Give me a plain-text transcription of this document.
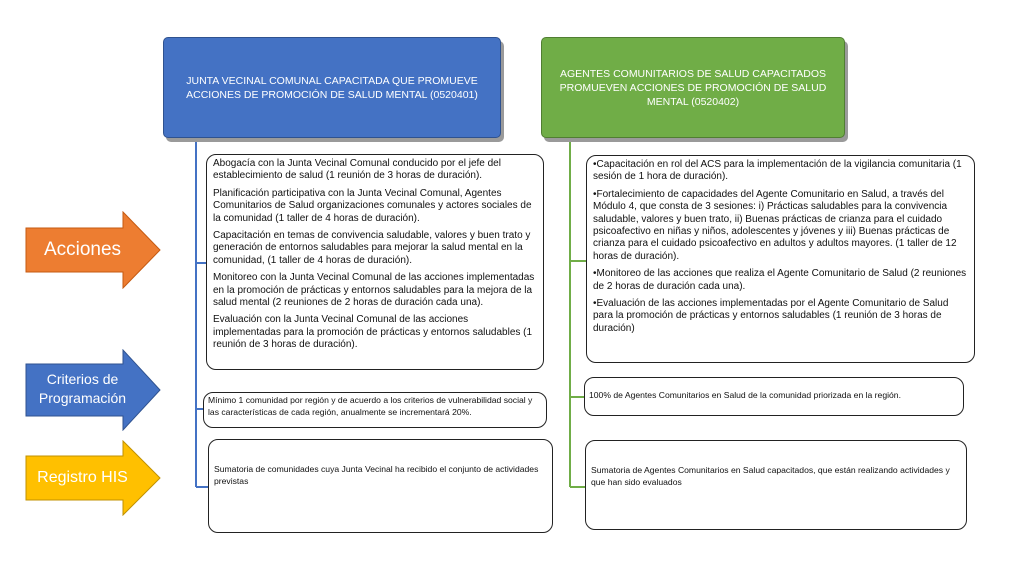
Acciones
Criterios de Programación
Registro HIS
JUNTA VECINAL COMUNAL CAPACITADA QUE PROMUEVE ACCIONES DE PROMOCIÓN DE SALUD MENTAL (0520401)
AGENTES COMUNITARIOS DE SALUD CAPACITADOS PROMUEVEN ACCIONES DE PROMOCIÓN DE SALUD MENTAL (0520402)

Abogacía con la Junta Vecinal Comunal conducido por el jefe del establecimiento de salud (1 reunión de 3 horas de duración).

Planificación participativa con la Junta Vecinal Comunal, Agentes Comunitarios de Salud organizaciones comunales y actores sociales de la comunidad (1 taller de 4 horas de duración).

Capacitación en temas de convivencia saludable, valores y buen trato y generación de entornos saludables para mejorar la salud mental en la comunidad, (1 taller de 4 horas de duración).

Monitoreo con la Junta Vecinal Comunal de las acciones implementadas en la promoción de prácticas y entornos saludables para la mejora de la salud mental (2 reuniones de 2 horas de duración cada una).

Evaluación con la Junta Vecinal Comunal de las acciones implementadas para la promoción de prácticas y entornos saludables (1 reunión de 3 horas de duración).

Mínimo 1 comunidad por región y de acuerdo a los criterios de vulnerabilidad social y las características de cada región, anualmente se incrementará 20%.

Sumatoria de comunidades cuya Junta Vecinal ha recibido el conjunto de actividades previstas

•Capacitación en rol del ACS para la implementación de la vigilancia comunitaria (1 sesión de 1 hora de duración).

•Fortalecimiento de capacidades del Agente Comunitario en Salud, a través del Módulo 4, que consta de 3 sesiones: i) Prácticas saludables para la convivencia saludable, valores y buen trato, ii) Buenas prácticas de crianza para el cuidado psicoafectivo en niñas y niños, adolescentes y jóvenes y iii) Buenas prácticas de crianza para el cuidado psicoafectivo en adultos y adultos mayores. (1 taller de 12 horas de duración).

•Monitoreo de las acciones que realiza el Agente Comunitario de Salud (2 reuniones de 2 horas de duración cada una).

•Evaluación de las acciones implementadas por el Agente Comunitario de Salud para la promoción de prácticas y entornos saludables (1 reunión de 3 horas de duración)

100% de Agentes Comunitarios en Salud de la comunidad priorizada en la región.

Sumatoria de Agentes Comunitarios en Salud capacitados, que están realizando actividades y que han sido evaluados
